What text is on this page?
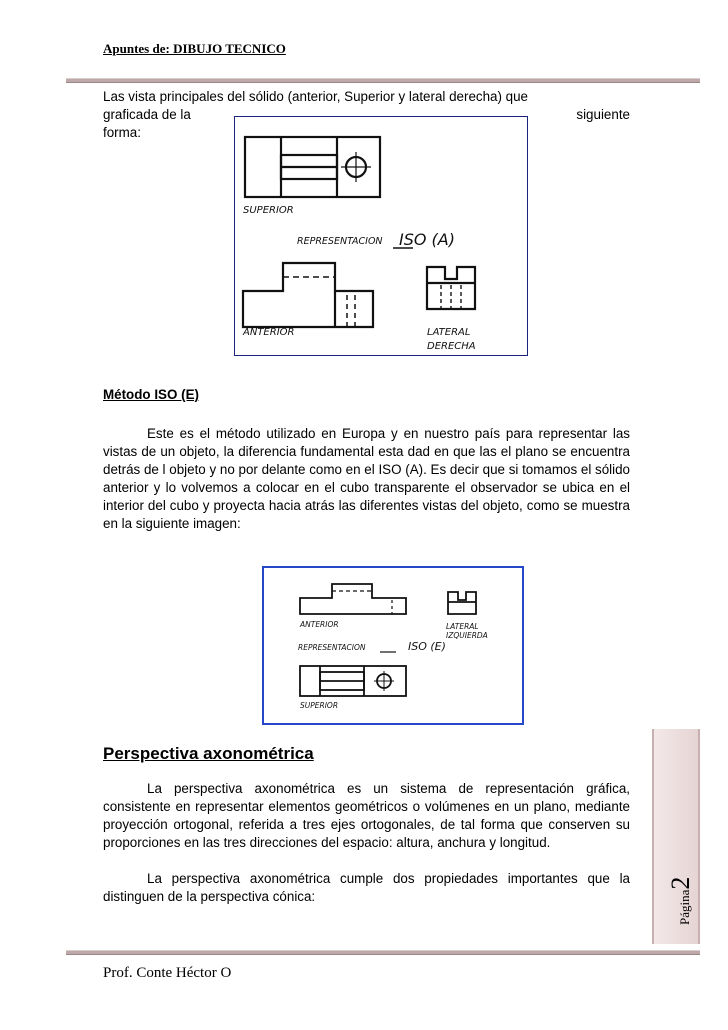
Apuntes de: DIBUJO TECNICO
Las vista principales del sólido (anterior, Superior y lateral derecha) que
graficada de la	siguiente
forma:
SUPERIOR
REPRESENTACION ISO (A)
ANTERIOR	LATERAL
DERECHA
Método ISO (E)
Este es el método utilizado en Europa y en nuestro país para representar las vistas de un objeto, la diferencia fundamental esta dad en que las el plano se encuentra detrás de l objeto y no por delante como en el ISO (A). Es decir que si tomamos el sólido anterior y lo volvemos a colocar en el cubo transparente el observador se ubica en el interior del cubo y proyecta hacia atrás las diferentes vistas del objeto, como se muestra en la siguiente imagen:
ANTERIOR	LATERAL
IZQUIERDA
REPRESENTACION	ISO (E)
SUPERIOR
Perspectiva axonométrica
La perspectiva axonométrica es un sistema de representación gráfica, consistente en representar elementos geométricos o volúmenes en un plano, mediante proyección ortogonal, referida a tres ejes ortogonales, de tal forma que conserven su proporciones en las tres direcciones del espacio: altura, anchura y longitud.
La perspectiva axonométrica cumple dos propiedades importantes que la distinguen de la perspectiva cónica:	Página2
Prof. Conte Héctor O
